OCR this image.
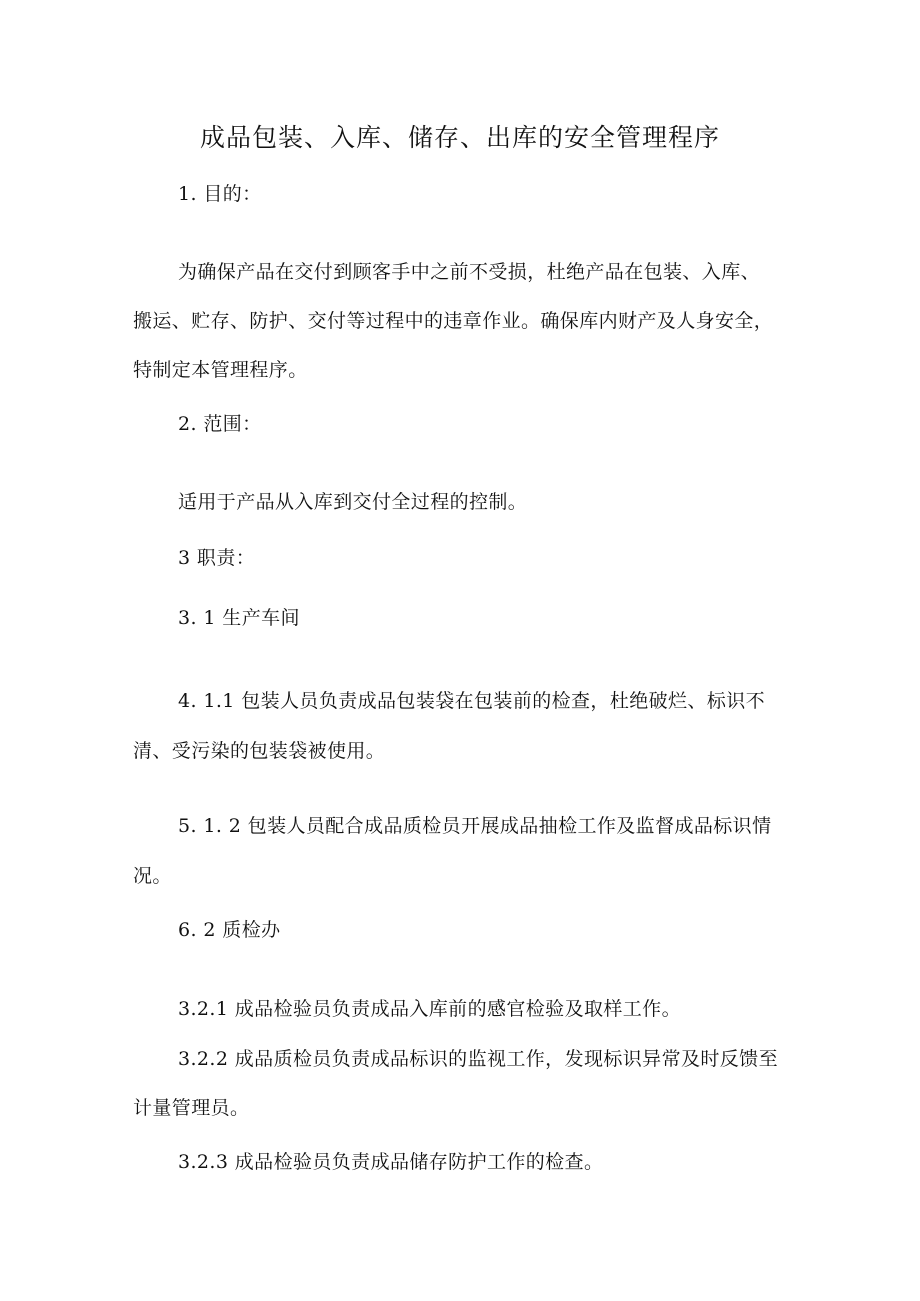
成品包装、入库、储存、出库的安全管理程序
1. 目的：
为确保产品在交付到顾客手中之前不受损，杜绝产品在包装、入库、
搬运、贮存、防护、交付等过程中的违章作业。确保库内财产及人身安全，
特制定本管理程序。
2. 范围：
适用于产品从入库到交付全过程的控制。
3 职责：
3. 1 生产车间
4. 1.1 包装人员负责成品包装袋在包装前的检查，杜绝破烂、标识不
清、受污染的包装袋被使用。
5. 1. 2 包装人员配合成品质检员开展成品抽检工作及监督成品标识情
况。
6. 2 质检办
3.2.1 成品检验员负责成品入库前的感官检验及取样工作。
3.2.2 成品质检员负责成品标识的监视工作，发现标识异常及时反馈至
计量管理员。
3.2.3 成品检验员负责成品储存防护工作的检查。
